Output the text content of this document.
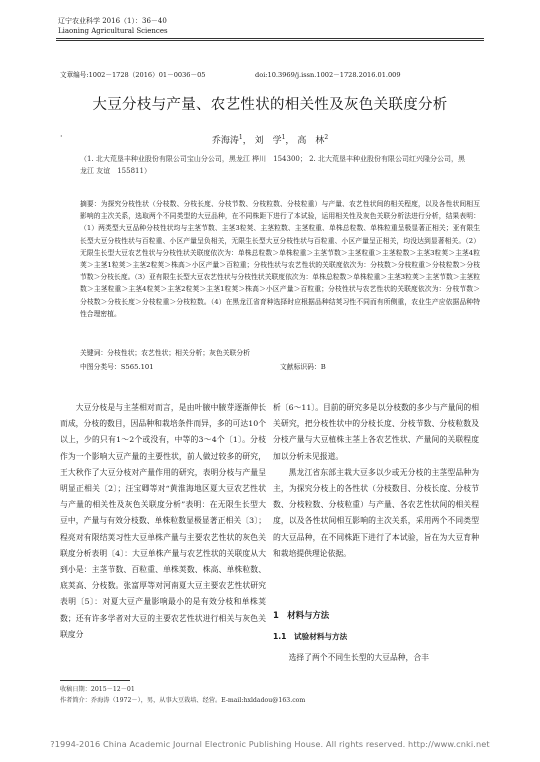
辽宁农业科学 2016（1）：36－40
Liaoning Agricultural Sciences
文章编号:1002－1728（2016）01－0036－05	doi:10.3969/j.issn.1002－1728.2016.01.009
大豆分枝与产量、农艺性状的相关性及灰色关联度分析
·	乔海涛$^1$， 刘　学$^1$， 高　林$^2$
（1. 北大荒垦丰种业股份有限公司宝山分公司，黑龙江 桦川　154300； 2. 北大荒垦丰种业股份有限公司红兴隆分公司，黑龙江 友谊　155811）
摘要：为探究分枝性状（分枝数、分枝长度、分枝节数、分枝粒数、分枝粒重）与产量、农艺性状间的相关程度，以及各性状间相互影响的主次关系，选取两个不同类型的大豆品种，在不同株距下进行了本试验，运用相关性及灰色关联分析法进行分析，结果表明：（1）两类型大豆品种分枝性状均与主茎节数、主茎3粒荚、主茎粒数、主茎粒重、单株总粒数、单株粒重呈极显著正相关；亚有限生长型大豆分枝性状与百粒重、小区产量呈负相关，无限生长型大豆分枝性状与百粒重、小区产量呈正相关，均没达到显著相关。（2）无限生长型大豆农艺性状与分枝性状关联度依次为：单株总粒数＞单株粒重＞主茎节数＞主茎粒重＞主茎粒数＞主茎3粒荚＞主茎4粒荚＞主茎1粒荚＞主茎2粒荚＞株高＞小区产量＞百粒重；分枝性状与农艺性状的关联度依次为：分枝数＞分枝粒重＞分枝粒数＞分枝节数＞分枝长度。（3）亚有限生长型大豆农艺性状与分枝性状关联度依次为：单株总粒数＞单株粒重＞主茎3粒荚＞主茎节数＞主茎粒数＞主茎粒重＞主茎4粒荚＞主茎2粒荚＞主茎1粒荚＞株高＞小区产量＞百粒重；分枝性状与农艺性状的关联度依次为：分枝节数＞分枝数＞分枝长度＞分枝粒重＞分枝粒数。（4）在黑龙江省育种选择时应根据品种结荚习性不同而有所侧重，农业生产应依据品种特性合理密植。
关键词：分枝性状；农艺性状；相关分析；灰色关联分析
中图分类号：S565.101	文献标识码：B

大豆分枝是与主茎相对而言，是由叶腋中腋芽逐渐伸长而成，分枝的数目，因品种和栽培条件而异，多的可达10个以上，少的只有1～2个或没有，中等的3～4个〔1〕。分枝作为一个影响大豆产量的主要性状，前人做过较多的研究，王大秋作了大豆分枝对产量作用的研究，表明分枝与产量呈明显正相关〔2〕；汪宝卿等对“黄淮海地区夏大豆农艺性状与产量的相关性及灰色关联度分析”表明：在无限生长型大豆中，产量与有效分枝数、单株粒数显极显著正相关〔3〕；程亮对有限结荚习性大豆单株产量与主要农艺性状的灰色关联度分析表明〔4〕：大豆单株产量与农艺性状的关联度从大到小是：主茎节数、百粒重、单株荚数、株高、单株粒数、底荚高、分枝数。张富厚等对河南夏大豆主要农艺性状研究表明〔5〕：对夏大豆产量影响最小的是有效分枝和单株荚数；还有许多学者对大豆的主要农艺性状进行相关与灰色关联度分

析〔6～11〕。目前的研究多是以分枝数的多少与产量间的相关研究，把分枝性状中的分枝长度、分枝节数、分枝粒数及分枝产量与大豆植株主茎上各农艺性状、产量间的关联程度加以分析未见报道。

黑龙江省东部主栽大豆多以少或无分枝的主茎型品种为主，为探究分枝上的各性状（分枝数目、分枝长度、分枝节数、分枝粒数、分枝粒重）与产量、各农艺性状间的相关程度，以及各性状间相互影响的主次关系，采用两个不同类型的大豆品种，在不同株距下进行了本试验，旨在为大豆育种和栽培提供理论依据。

1　材料与方法
1.1　试验材料与方法
选择了两个不同生长型的大豆品种，合丰

收稿日期：2015－12－01

作者简介：乔海涛（1972－），男，从事大豆栽培、经营。E-mail:hxldadou@163.com

?1994-2016 China Academic Journal Electronic Publishing House. All rights reserved. http://www.cnki.net
